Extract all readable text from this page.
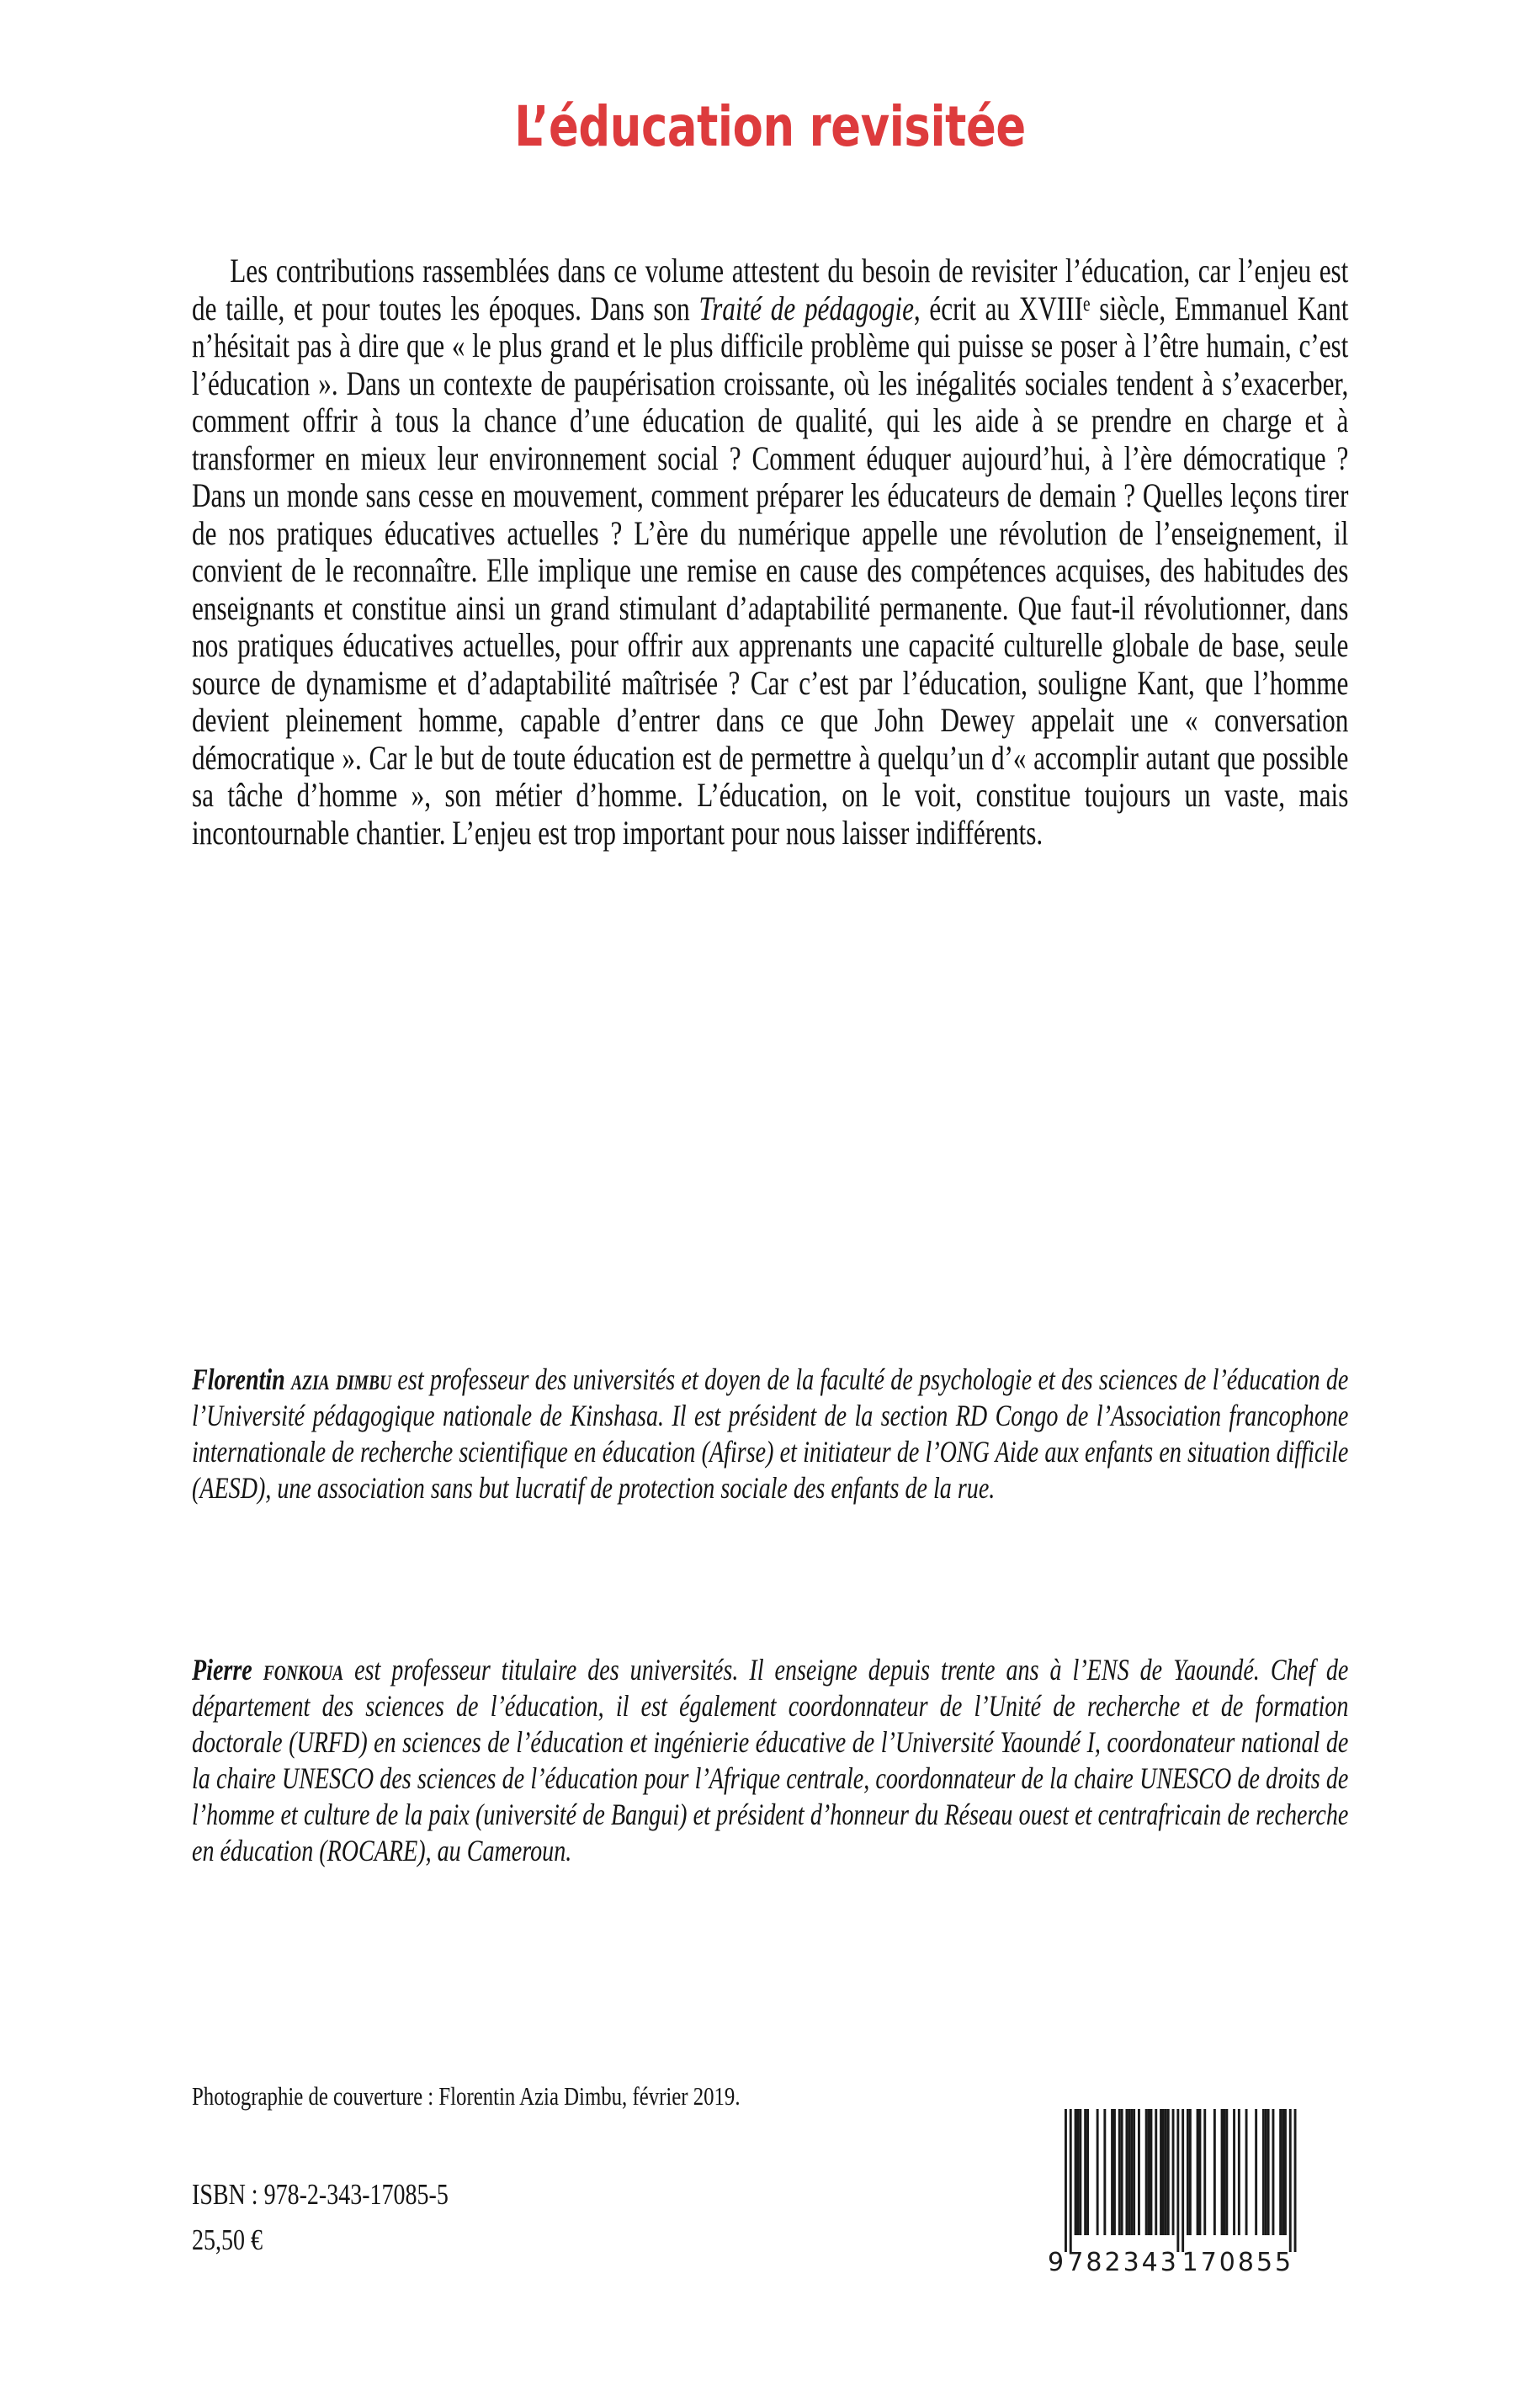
L’éducation revisitée
Les contributions rassemblées dans ce volume attestent du besoin de revisiter l’éducation, car l’enjeu est de taille, et pour toutes les époques. Dans son Traité de pédagogie, écrit au XVIIIe siècle, Emmanuel Kant n’hésitait pas à dire que « le plus grand et le plus difficile problème qui puisse se poser à l’être humain, c’est l’éducation ». Dans un contexte de paupérisation croissante, où les inégalités sociales tendent à s’exacerber, comment offrir à tous la chance d’une éducation de qualité, qui les aide à se prendre en charge et à transformer en mieux leur environnement social ? Comment éduquer aujourd’hui, à l’ère démocratique ? Dans un monde sans cesse en mouvement, comment préparer les éducateurs de demain ? Quelles leçons tirer de nos pratiques éducatives actuelles ? L’ère du numérique appelle une révolution de l’enseignement, il convient de le reconnaître. Elle implique une remise en cause des compétences acquises, des habitudes des enseignants et constitue ainsi un grand stimulant d’adaptabilité permanente. Que faut-il révolutionner, dans nos pratiques éducatives actuelles, pour offrir aux apprenants une capacité culturelle globale de base, seule source de dynamisme et d’adaptabilité maîtrisée ? Car c’est par l’éducation, souligne Kant, que l’homme devient pleinement homme, capable d’entrer dans ce que John Dewey appelait une « conversation démocratique ». Car le but de toute éducation est de permettre à quelqu’un d’« accomplir autant que possible sa tâche d’homme », son métier d’homme. L’éducation, on le voit, constitue toujours un vaste, mais incontournable chantier. L’enjeu est trop important pour nous laisser indifférents.
Florentin azia dimbu est professeur des universités et doyen de la faculté de psychologie et des sciences de l’éducation de l’Université pédagogique nationale de Kinshasa. Il est président de la section RD Congo de l’Association francophone internationale de recherche scientifique en éducation (Afirse) et initiateur de l’ONG Aide aux enfants en situation difficile (AESD), une association sans but lucratif de protection sociale des enfants de la rue.
Pierre fonkoua est professeur titulaire des universités. Il enseigne depuis trente ans à l’ENS de Yaoundé. Chef de département des sciences de l’éducation, il est également coordonnateur de l’Unité de recherche et de formation doctorale (URFD) en sciences de l’éducation et ingénierie éducative de l’Université Yaoundé I, coordonateur national de la chaire UNESCO des sciences de l’éducation pour l’Afrique centrale, coordonnateur de la chaire UNESCO de droits de l’homme et culture de la paix (université de Bangui) et président d’honneur du Réseau ouest et centrafricain de recherche en éducation (ROCARE), au Cameroun.
Photographie de couverture : Florentin Azia Dimbu, février 2019.
ISBN : 978-2-343-17085-5
25,50 €
9 782343 170855
